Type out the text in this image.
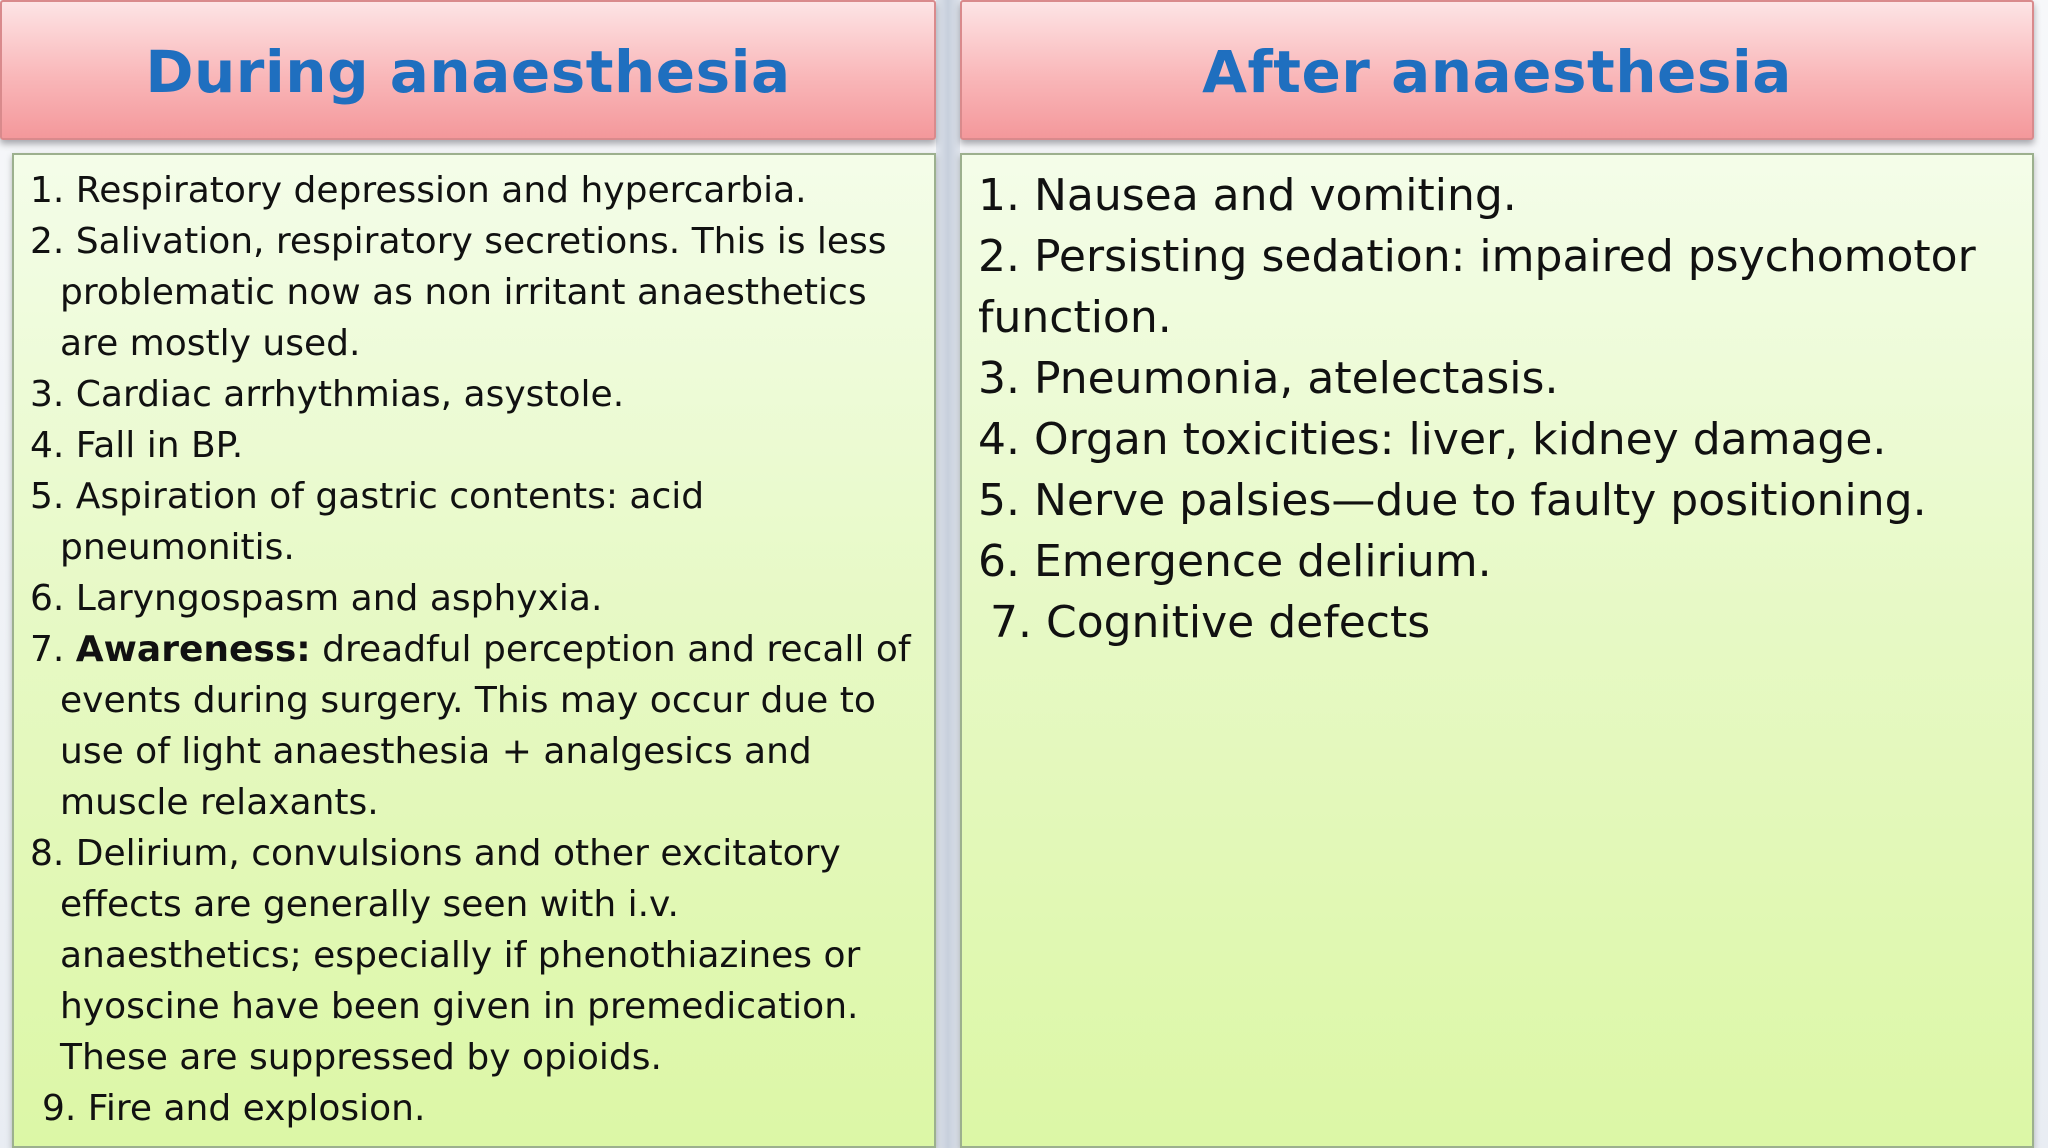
During anaesthesia	After anaesthesia
1. Respiratory depression and hypercarbia.
2. Salivation, respiratory secretions. This is less problematic now as non irritant anaesthetics are mostly used.
3. Cardiac arrhythmias, asystole.
4. Fall in BP.
5. Aspiration of gastric contents: acid pneumonitis.
6. Laryngospasm and asphyxia.
7. Awareness: dreadful perception and recall of events during surgery. This may occur due to use of light anaesthesia + analgesics and muscle relaxants.
8. Delirium, convulsions and other excitatory effects are generally seen with i.v. anaesthetics; especially if phenothiazines or hyoscine have been given in premedication. These are suppressed by opioids.
9. Fire and explosion.
1. Nausea and vomiting.
2. Persisting sedation: impaired psychomotor function.
3. Pneumonia, atelectasis.
4. Organ toxicities: liver, kidney damage.
5. Nerve palsies—due to faulty positioning.
6. Emergence delirium.
7. Cognitive defects
